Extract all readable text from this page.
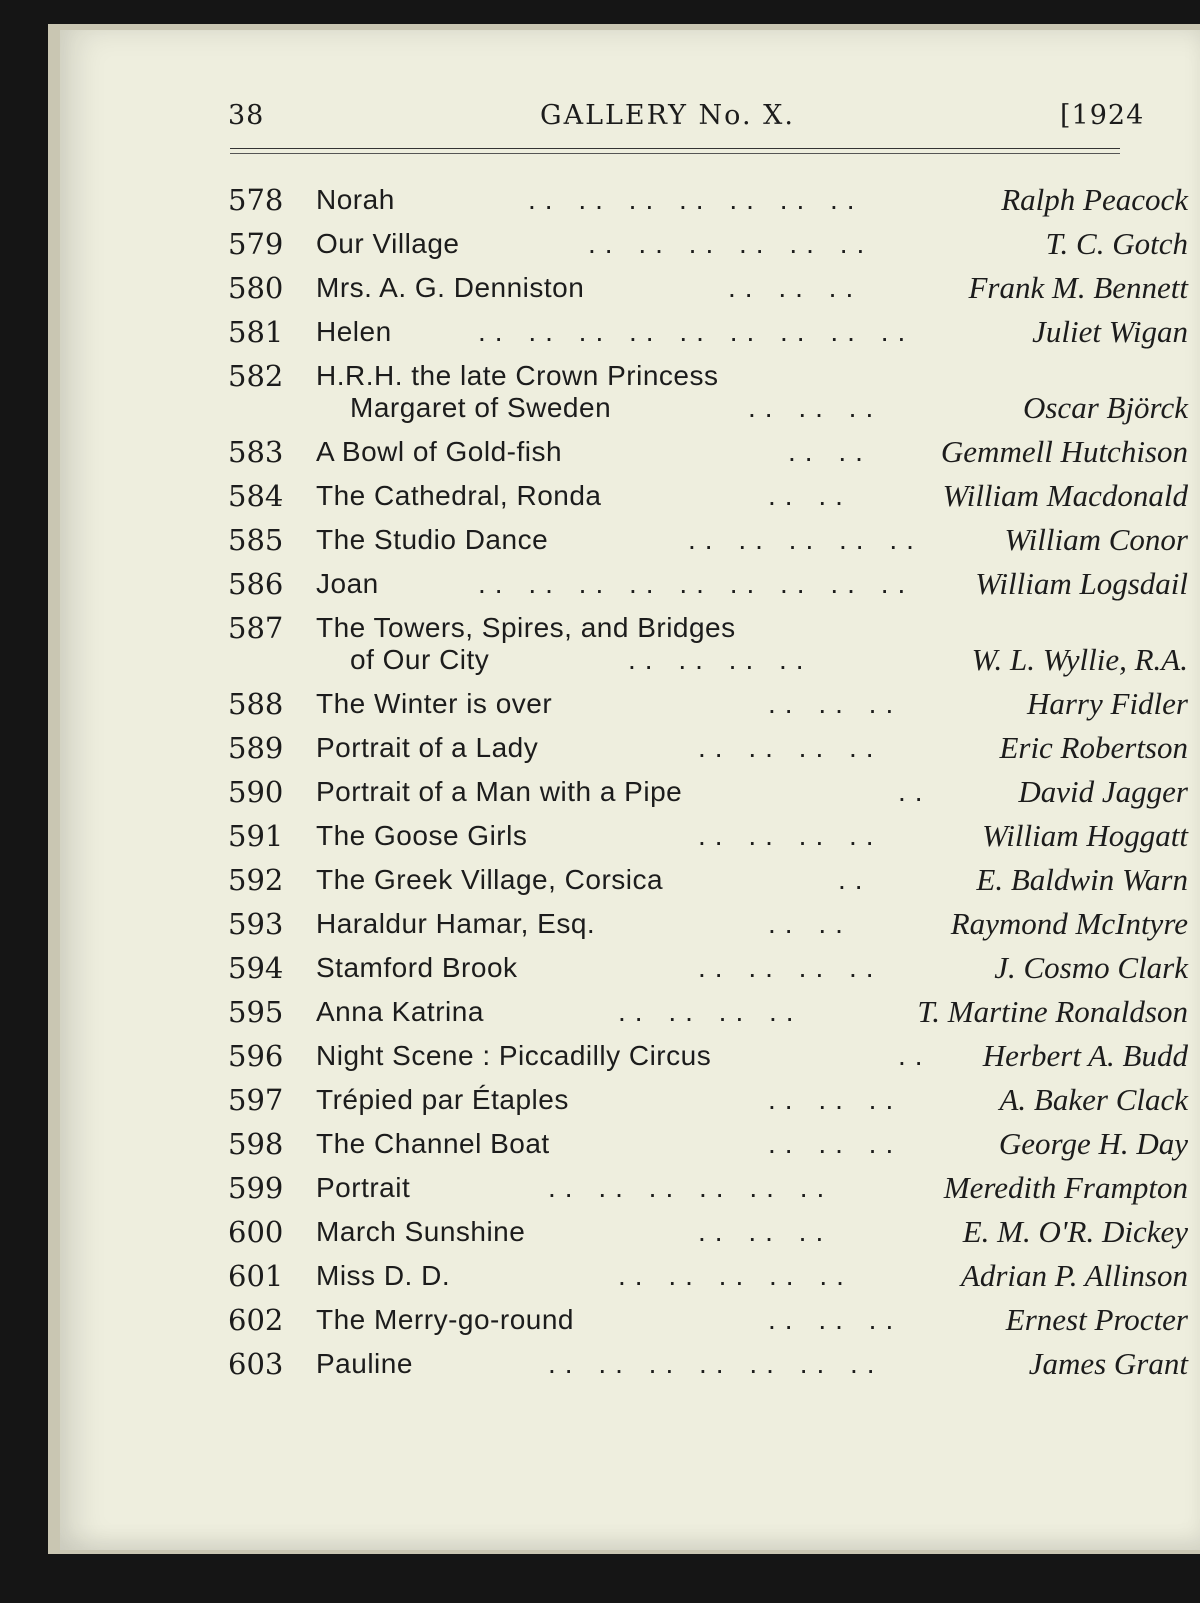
38	GALLERY No. X.	[1924
578	Norah	.. .. .. .. .. .. ..	Ralph Peacock
579	Our Village	.. .. .. .. .. ..	T. C. Gotch
580	Mrs. A. G. Denniston	.. .. ..	Frank M. Bennett
581	Helen	.. .. .. .. .. .. .. .. ..	Juliet Wigan
582	H.R.H. the late Crown Princess
Margaret of Sweden	.. .. ..	Oscar Björck
583	A Bowl of Gold-fish	.. .. Gemmell Hutchison
584	The Cathedral, Ronda	.. ..	William Macdonald
585	The Studio Dance	.. .. .. .. ..	William Conor
586	Joan	.. .. .. .. .. .. .. .. .. William Logsdail
587	The Towers, Spires, and Bridges
of Our City	.. .. .. ..	W. L. Wyllie, R.A.
588	The Winter is over	.. .. ..	Harry Fidler
589	Portrait of a Lady	.. .. .. ..	Eric Robertson
590	Portrait of a Man with a Pipe	..	David Jagger
591	The Goose Girls	.. .. .. ..	William Hoggatt
592	The Greek Village, Corsica	..	E. Baldwin Warn
593	Haraldur Hamar, Esq.	.. ..	Raymond McIntyre
594	Stamford Brook	.. .. .. ..	J. Cosmo Clark
595	Anna Katrina	.. .. .. ..	T. Martine Ronaldson
596	Night Scene : Piccadilly Circus	.. Herbert A. Budd
597	Trépied par Étaples	.. .. ..	A. Baker Clack
598	The Channel Boat	.. .. ..	George H. Day
599	Portrait	.. .. .. .. .. ..	Meredith Frampton
600	March Sunshine	.. .. ..	E. M. O'R. Dickey
601	Miss D. D.	.. .. .. .. ..	Adrian P. Allinson
602	The Merry-go-round	.. .. ..	Ernest Procter
603	Pauline	.. .. .. .. .. .. ..	James Grant
